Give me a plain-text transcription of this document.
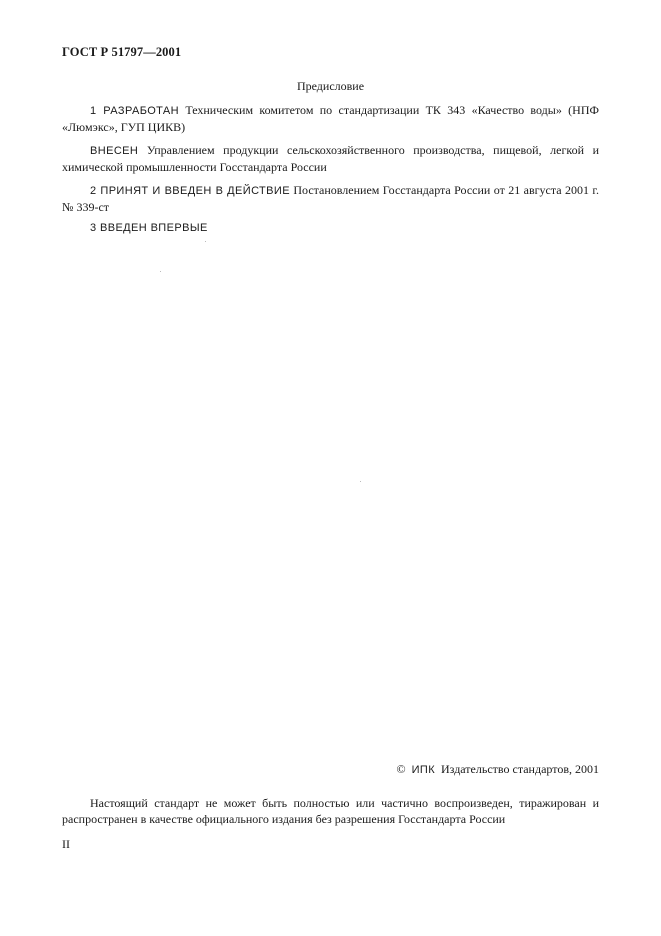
ГОСТ Р 51797—2001
Предисловие

1 РАЗРАБОТАН Техническим комитетом по стандартизации ТК 343 «Качество воды» (НПФ «Люмэкс», ГУП ЦИКВ)

ВНЕСЕН Управлением продукции сельскохозяйственного производства, пищевой, легкой и химической промышленности Госстандарта России

2 ПРИНЯТ И ВВЕДЕН В ДЕЙСТВИЕ Постановлением Госстандарта России от 21 августа 2001 г. № 339-ст

3 ВВЕДЕН ВПЕРВЫЕ

© ИПК Издательство стандартов, 2001

Настоящий стандарт не может быть полностью или частично воспроизведен, тиражирован и распространен в качестве официального издания без разрешения Госстандарта России

II
